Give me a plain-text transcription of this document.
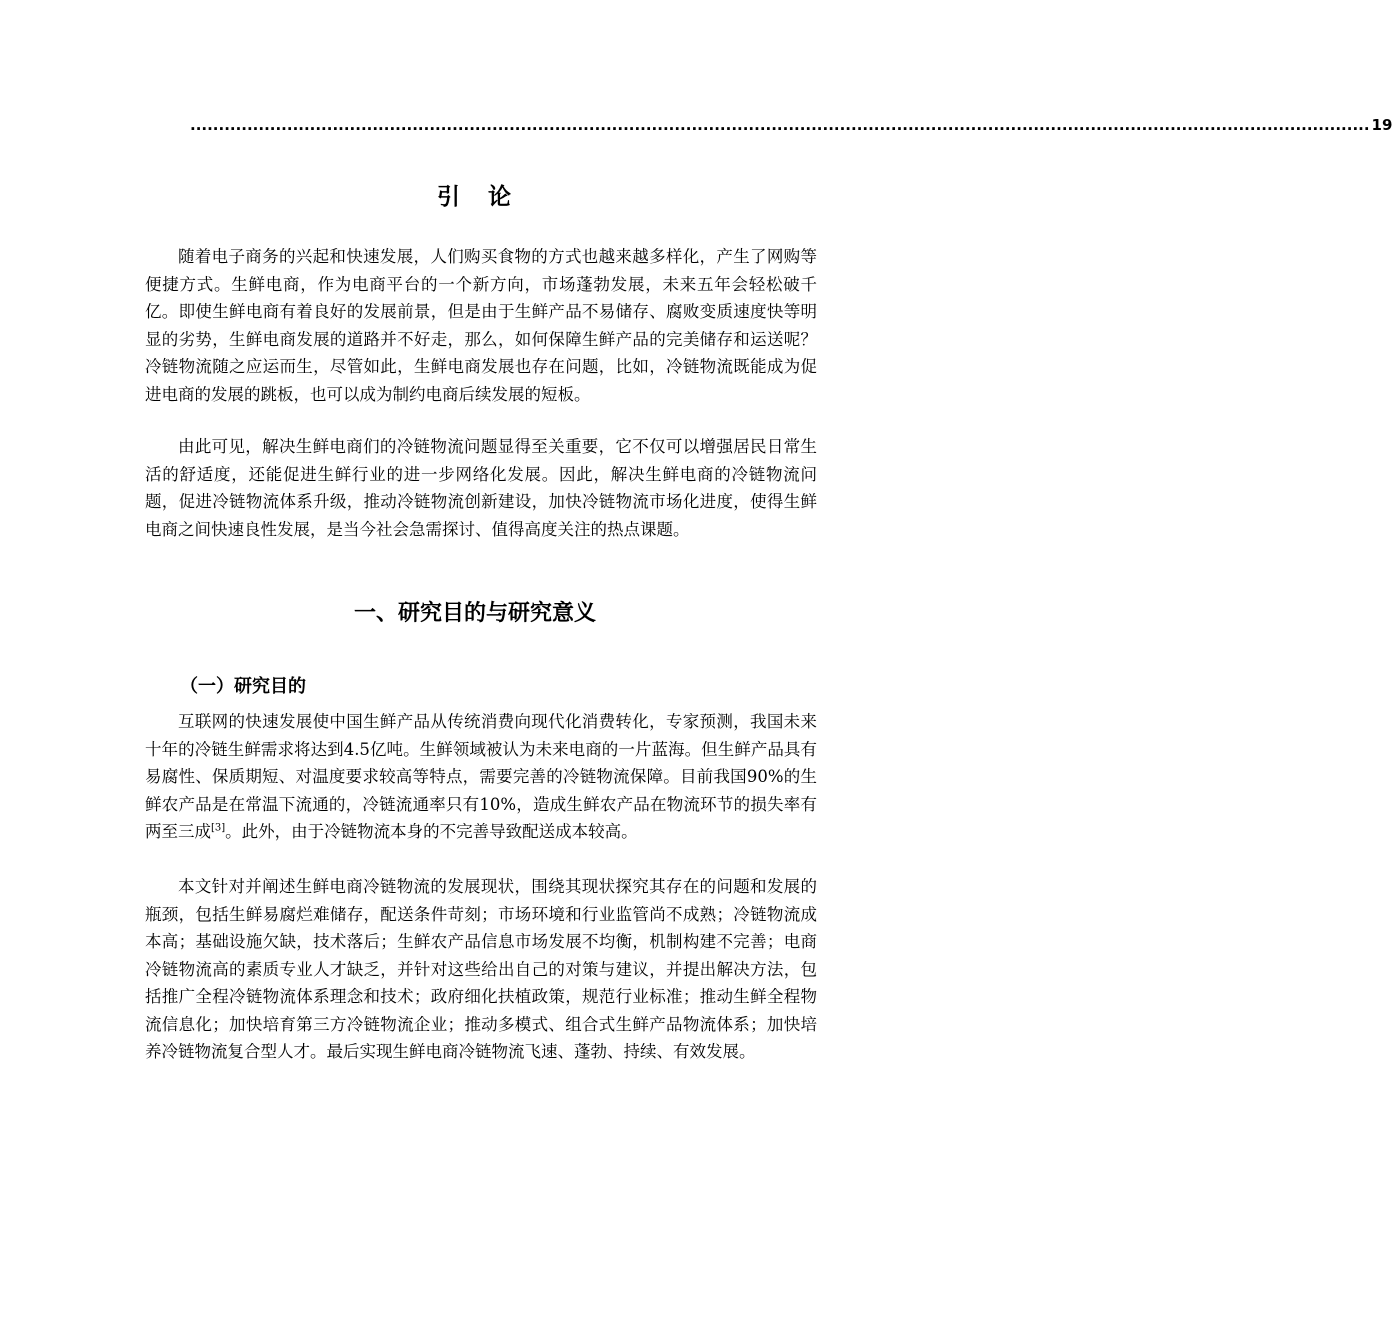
............................................................................................................................................................................................................... 19
引 论

随着电子商务的兴起和快速发展，人们购买食物的方式也越来越多样化，产生了网购等便捷方式。生鲜电商，作为电商平台的一个新方向，市场蓬勃发展，未来五年会轻松破千亿。即使生鲜电商有着良好的发展前景，但是由于生鲜产品不易储存、腐败变质速度快等明显的劣势，生鲜电商发展的道路并不好走，那么，如何保障生鲜产品的完美储存和运送呢？冷链物流随之应运而生，尽管如此，生鲜电商发展也存在问题，比如，冷链物流既能成为促进电商的发展的跳板，也可以成为制约电商后续发展的短板。

由此可见，解决生鲜电商们的冷链物流问题显得至关重要，它不仅可以增强居民日常生活的舒适度，还能促进生鲜行业的进一步网络化发展。因此，解决生鲜电商的冷链物流问题，促进冷链物流体系升级，推动冷链物流创新建设，加快冷链物流市场化进度，使得生鲜电商之间快速良性发展，是当今社会急需探讨、值得高度关注的热点课题。

一、研究目的与研究意义
（一）研究目的

互联网的快速发展使中国生鲜产品从传统消费向现代化消费转化，专家预测，我国未来十年的冷链生鲜需求将达到4.5亿吨。生鲜领域被认为未来电商的一片蓝海。但生鲜产品具有易腐性、保质期短、对温度要求较高等特点，需要完善的冷链物流保障。目前我国90%的生鲜农产品是在常温下流通的，冷链流通率只有10%，造成生鲜农产品在物流环节的损失率有两至三成[3]。此外，由于冷链物流本身的不完善导致配送成本较高。

本文针对并阐述生鲜电商冷链物流的发展现状，围绕其现状探究其存在的问题和发展的瓶颈，包括生鲜易腐烂难储存，配送条件苛刻；市场环境和行业监管尚不成熟；冷链物流成本高；基础设施欠缺，技术落后；生鲜农产品信息市场发展不均衡，机制构建不完善；电商冷链物流高的素质专业人才缺乏，并针对这些给出自己的对策与建议，并提出解决方法，包括推广全程冷链物流体系理念和技术；政府细化扶植政策，规范行业标准；推动生鲜全程物流信息化；加快培育第三方冷链物流企业；推动多模式、组合式生鲜产品物流体系；加快培养冷链物流复合型人才。最后实现生鲜电商冷链物流飞速、蓬勃、持续、有效发展。
